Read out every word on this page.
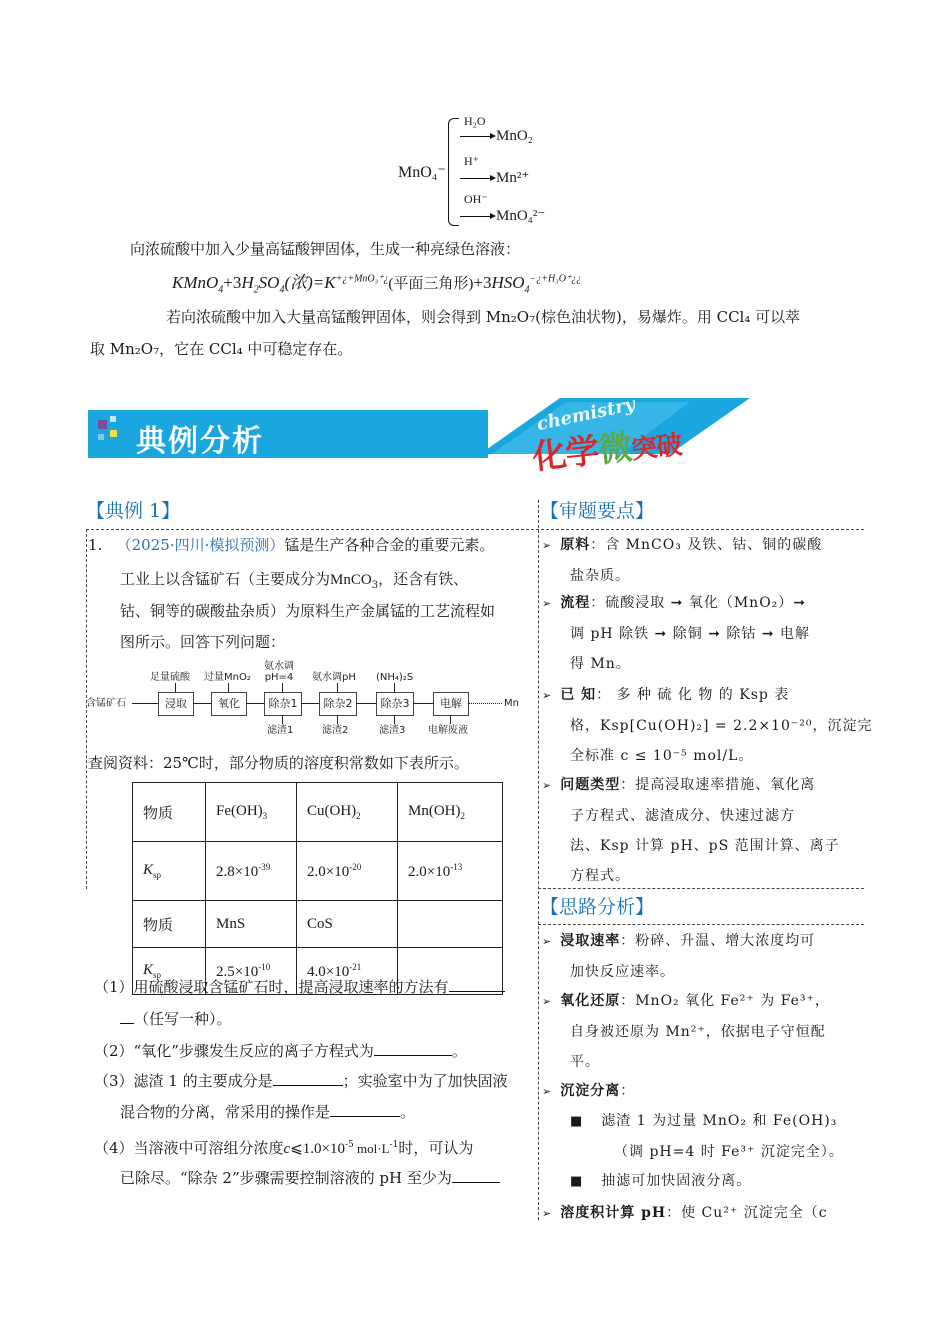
MnO₄⁻
H₂O
MnO₂
H⁺
Mn²⁺
OH⁻
MnO₄²⁻
向浓硫酸中加入少量高锰酸钾固体，生成一种亮绿色溶液：
$KMnO_4+3H_2SO_4$(浓)$=K^{+¿+MnO_3^+¿}$(平面三角形)$+3HSO_4^{-¿+H_3O^+¿¿}$
若向浓硫酸中加入大量高锰酸钾固体，则会得到 Mn₂O₇(棕色油状物)，易爆炸。用 CCl₄ 可以萃
取 Mn₂O₇，它在 CCl₄ 中可稳定存在。
典例分析
chemistry
化学微突破
【典例 1】	【审题要点】
1. （2025·四川·模拟预测）锰是生产各种合金的重要元素。
工业上以含锰矿石（主要成分为MnCO$_3$，还含有铁、
钴、铜等的碳酸盐杂质）为原料生产金属锰的工艺流程如
图所示。回答下列问题：
含锰矿石	浸取	氧化	除杂1	除杂2	除杂3	电解	Mn
足量硫酸 过量MnO₂
氨水调
pH=4 氨水调pH (NH₄)₂S
滤渣1	滤渣2	滤渣3 电解废液
查阅资料：25℃时，部分物质的溶度积常数如下表所示。
物质	$Fe(OH)_3$	$Cu(OH)_2$	$Mn(OH)_2$
$K_{sp}$	$2.8\times 10^{-39}$	$2.0\times 10^{-20}$	$2.0\times 10^{-13}$
物质	MnS	CoS	
$K_{sp}$	$2.5\times 10^{-10}$	$4.0\times 10^{-21}$	
（1）用硫酸浸取含锰矿石时，提高浸取速率的方法有
（任写一种）。
（2）“氧化”步骤发生反应的离子方程式为	。
（3）滤渣 1 的主要成分是	；实验室中为了加快固液
混合物的分离，常采用的操作是	。
（4）当溶液中可溶组分浓度$c⩽1.0\times 10^{-5}$ $mol\cdot L^{-1}$时，可认为
已除尽。“除杂 2”步骤需要控制溶液的 pH 至少为
➢ 原料：含 MnCO₃ 及铁、钴、铜的碳酸
盐杂质。
➢ 流程：硫酸浸取 ➞ 氧化（MnO₂）➞
调 pH 除铁 ➞ 除铜 ➞ 除钴 ➞ 电解
得 Mn。
➢ 已 知： 多 种 硫 化 物 的 Ksp 表
格，Ksp[Cu(OH)₂] = 2.2×10⁻²⁰，沉淀完
全标准 c ≤ 10⁻⁵ mol/L。
➢ 问题类型：提高浸取速率措施、氧化离
子方程式、滤渣成分、快速过滤方
法、Ksp 计算 pH、pS 范围计算、离子
方程式。
【思路分析】
➢ 浸取速率：粉碎、升温、增大浓度均可
加快反应速率。
➢ 氧化还原：MnO₂ 氧化 Fe²⁺ 为 Fe³⁺，
自身被还原为 Mn²⁺，依据电子守恒配
平。
➢ 沉淀分离：
■ 滤渣 1 为过量 MnO₂ 和 Fe(OH)₃
（调 pH=4 时 Fe³⁺ 沉淀完全）。
■ 抽滤可加快固液分离。
➢ 溶度积计算 pH：使 Cu²⁺ 沉淀完全（c
